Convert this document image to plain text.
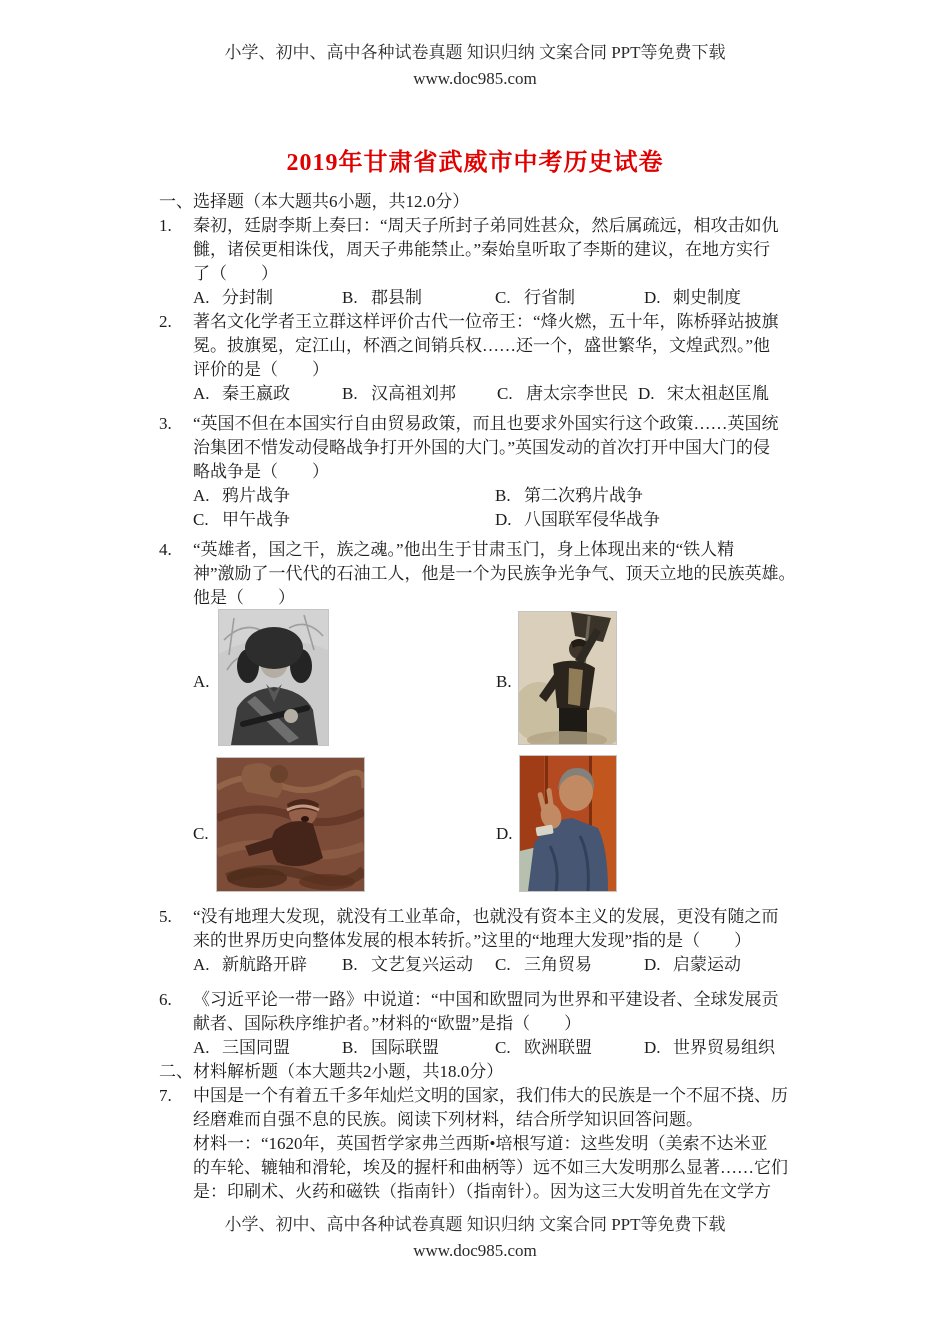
小学、初中、高中各种试卷真题 知识归纳 文案合同 PPT等免费下载
www.doc985.com
2019年甘肃省武威市中考历史试卷
一、选择题（本大题共6小题，共12.0分）
1.	秦初，廷尉李斯上奏曰：“周天子所封子弟同姓甚众，然后属疏远，相攻击如仇
雠，诸侯更相诛伐，周天子弗能禁止。”秦始皇听取了李斯的建议，在地方实行
了（　　）
A. 分封制	B. 郡县制	C. 行省制	D. 刺史制度
2.	著名文化学者王立群这样评价古代一位帝王：“烽火燃，五十年，陈桥驿站披旗
冕。披旗冕，定江山，杯酒之间销兵权……还一个，盛世繁华，文煌武烈。”他
评价的是（　　）
A. 秦王嬴政	B. 汉高祖刘邦 C. 唐太宗李世民 D. 宋太祖赵匡胤
3.	“英国不但在本国实行自由贸易政策，而且也要求外国实行这个政策……英国统
治集团不惜发动侵略战争打开外国的大门。”英国发动的首次打开中国大门的侵
略战争是（　　）
A. 鸦片战争	B. 第二次鸦片战争
C. 甲午战争	D. 八国联军侵华战争
4.	“英雄者，国之干，族之魂。”他出生于甘肃玉门，身上体现出来的“铁人精
神”激励了一代代的石油工人，他是一个为民族争光争气、顶天立地的民族英雄。
他是（　　）
A.	B.
C.	D.
5.	“没有地理大发现，就没有工业革命，也就没有资本主义的发展，更没有随之而
来的世界历史向整体发展的根本转折。”这里的“地理大发现”指的是（　　）
A. 新航路开辟 B. 文艺复兴运动 C. 三角贸易	D. 启蒙运动
6.	《习近平论一带一路》中说道：“中国和欧盟同为世界和平建设者、全球发展贡
献者、国际秩序维护者。”材料的“欧盟”是指（　　）
A. 三国同盟	B. 国际联盟	C. 欧洲联盟	D. 世界贸易组织
二、材料解析题（本大题共2小题，共18.0分）
7.	中国是一个有着五千多年灿烂文明的国家，我们伟大的民族是一个不屈不挠、历
经磨难而自强不息的民族。阅读下列材料，结合所学知识回答问题。
材料一：“1620年，英国哲学家弗兰西斯•培根写道：这些发明（美索不达米亚
的车轮、辘轴和滑轮，埃及的握杆和曲柄等）远不如三大发明那么显著……它们
是：印刷术、火药和磁铁（指南针）（指南针）。因为这三大发明首先在文学方
小学、初中、高中各种试卷真题 知识归纳 文案合同 PPT等免费下载
www.doc985.com
